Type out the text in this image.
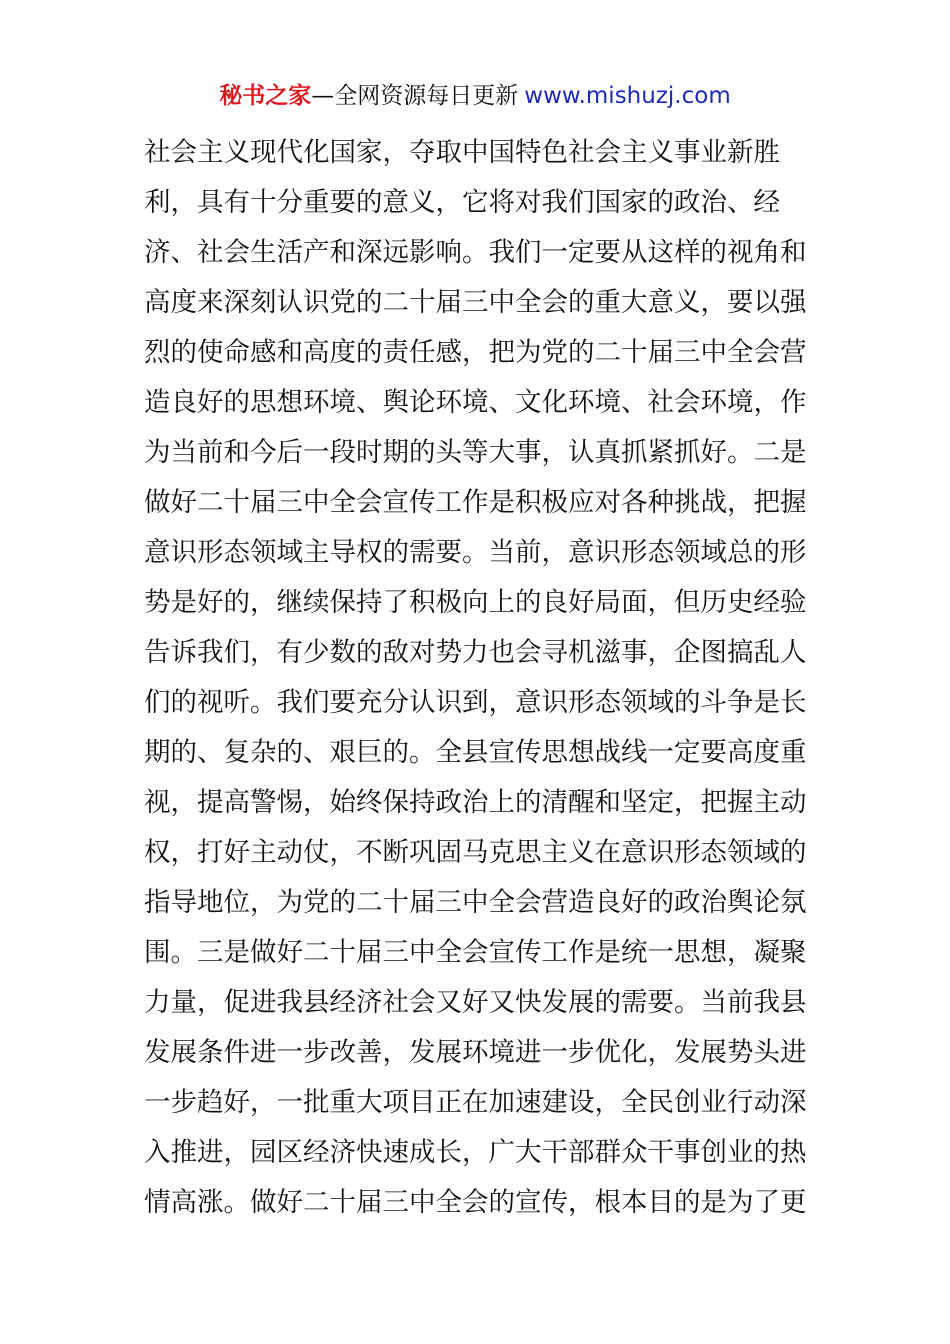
秘书之家—全网资源每日更新 www.mishuzj.com
社会主义现代化国家，夺取中国特色社会主义事业新胜
利，具有十分重要的意义，它将对我们国家的政治、经
济、社会生活产和深远影响。我们一定要从这样的视角和
高度来深刻认识党的二十届三中全会的重大意义，要以强
烈的使命感和高度的责任感，把为党的二十届三中全会营
造良好的思想环境、舆论环境、文化环境、社会环境，作
为当前和今后一段时期的头等大事，认真抓紧抓好。二是
做好二十届三中全会宣传工作是积极应对各种挑战，把握
意识形态领域主导权的需要。当前，意识形态领域总的形
势是好的，继续保持了积极向上的良好局面，但历史经验
告诉我们，有少数的敌对势力也会寻机滋事，企图搞乱人
们的视听。我们要充分认识到，意识形态领域的斗争是长
期的、复杂的、艰巨的。全县宣传思想战线一定要高度重
视，提高警惕，始终保持政治上的清醒和坚定，把握主动
权，打好主动仗，不断巩固马克思主义在意识形态领域的
指导地位，为党的二十届三中全会营造良好的政治舆论氛
围。三是做好二十届三中全会宣传工作是统一思想，凝聚
力量，促进我县经济社会又好又快发展的需要。当前我县
发展条件进一步改善，发展环境进一步优化，发展势头进
一步趋好，一批重大项目正在加速建设，全民创业行动深
入推进，园区经济快速成长，广大干部群众干事创业的热
情高涨。做好二十届三中全会的宣传，根本目的是为了更
